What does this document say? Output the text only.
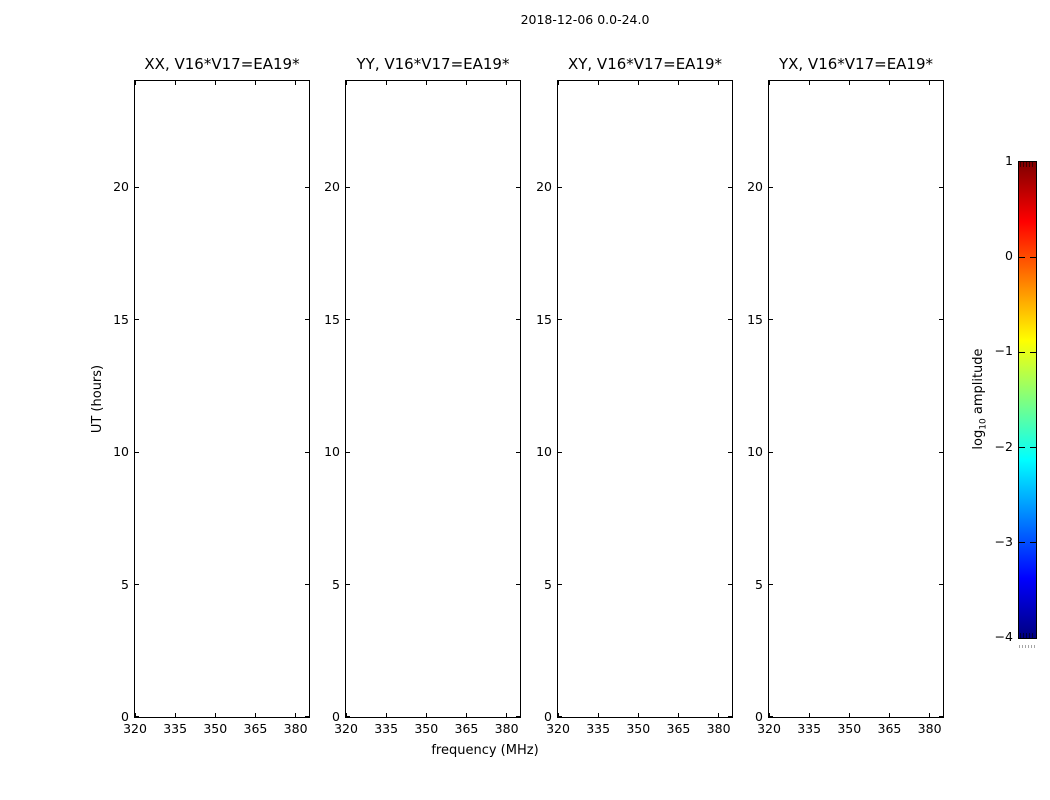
2018-12-06 0.0-24.0
XX, V16*V17=EA19*
320	335	350	365	380
0
5
10
15
20
YY, V16*V17=EA19*
320	335	350	365	380
0
5
10
15
20
XY, V16*V17=EA19*
320	335	350	365	380
0
5
10
15
20
YX, V16*V17=EA19*
320	335	350	365	380
0
5
10
15
20
frequency (MHz)
UT (hours)
1
0
−1
−2
−3
−4
$\log_{10}$ amplitude
